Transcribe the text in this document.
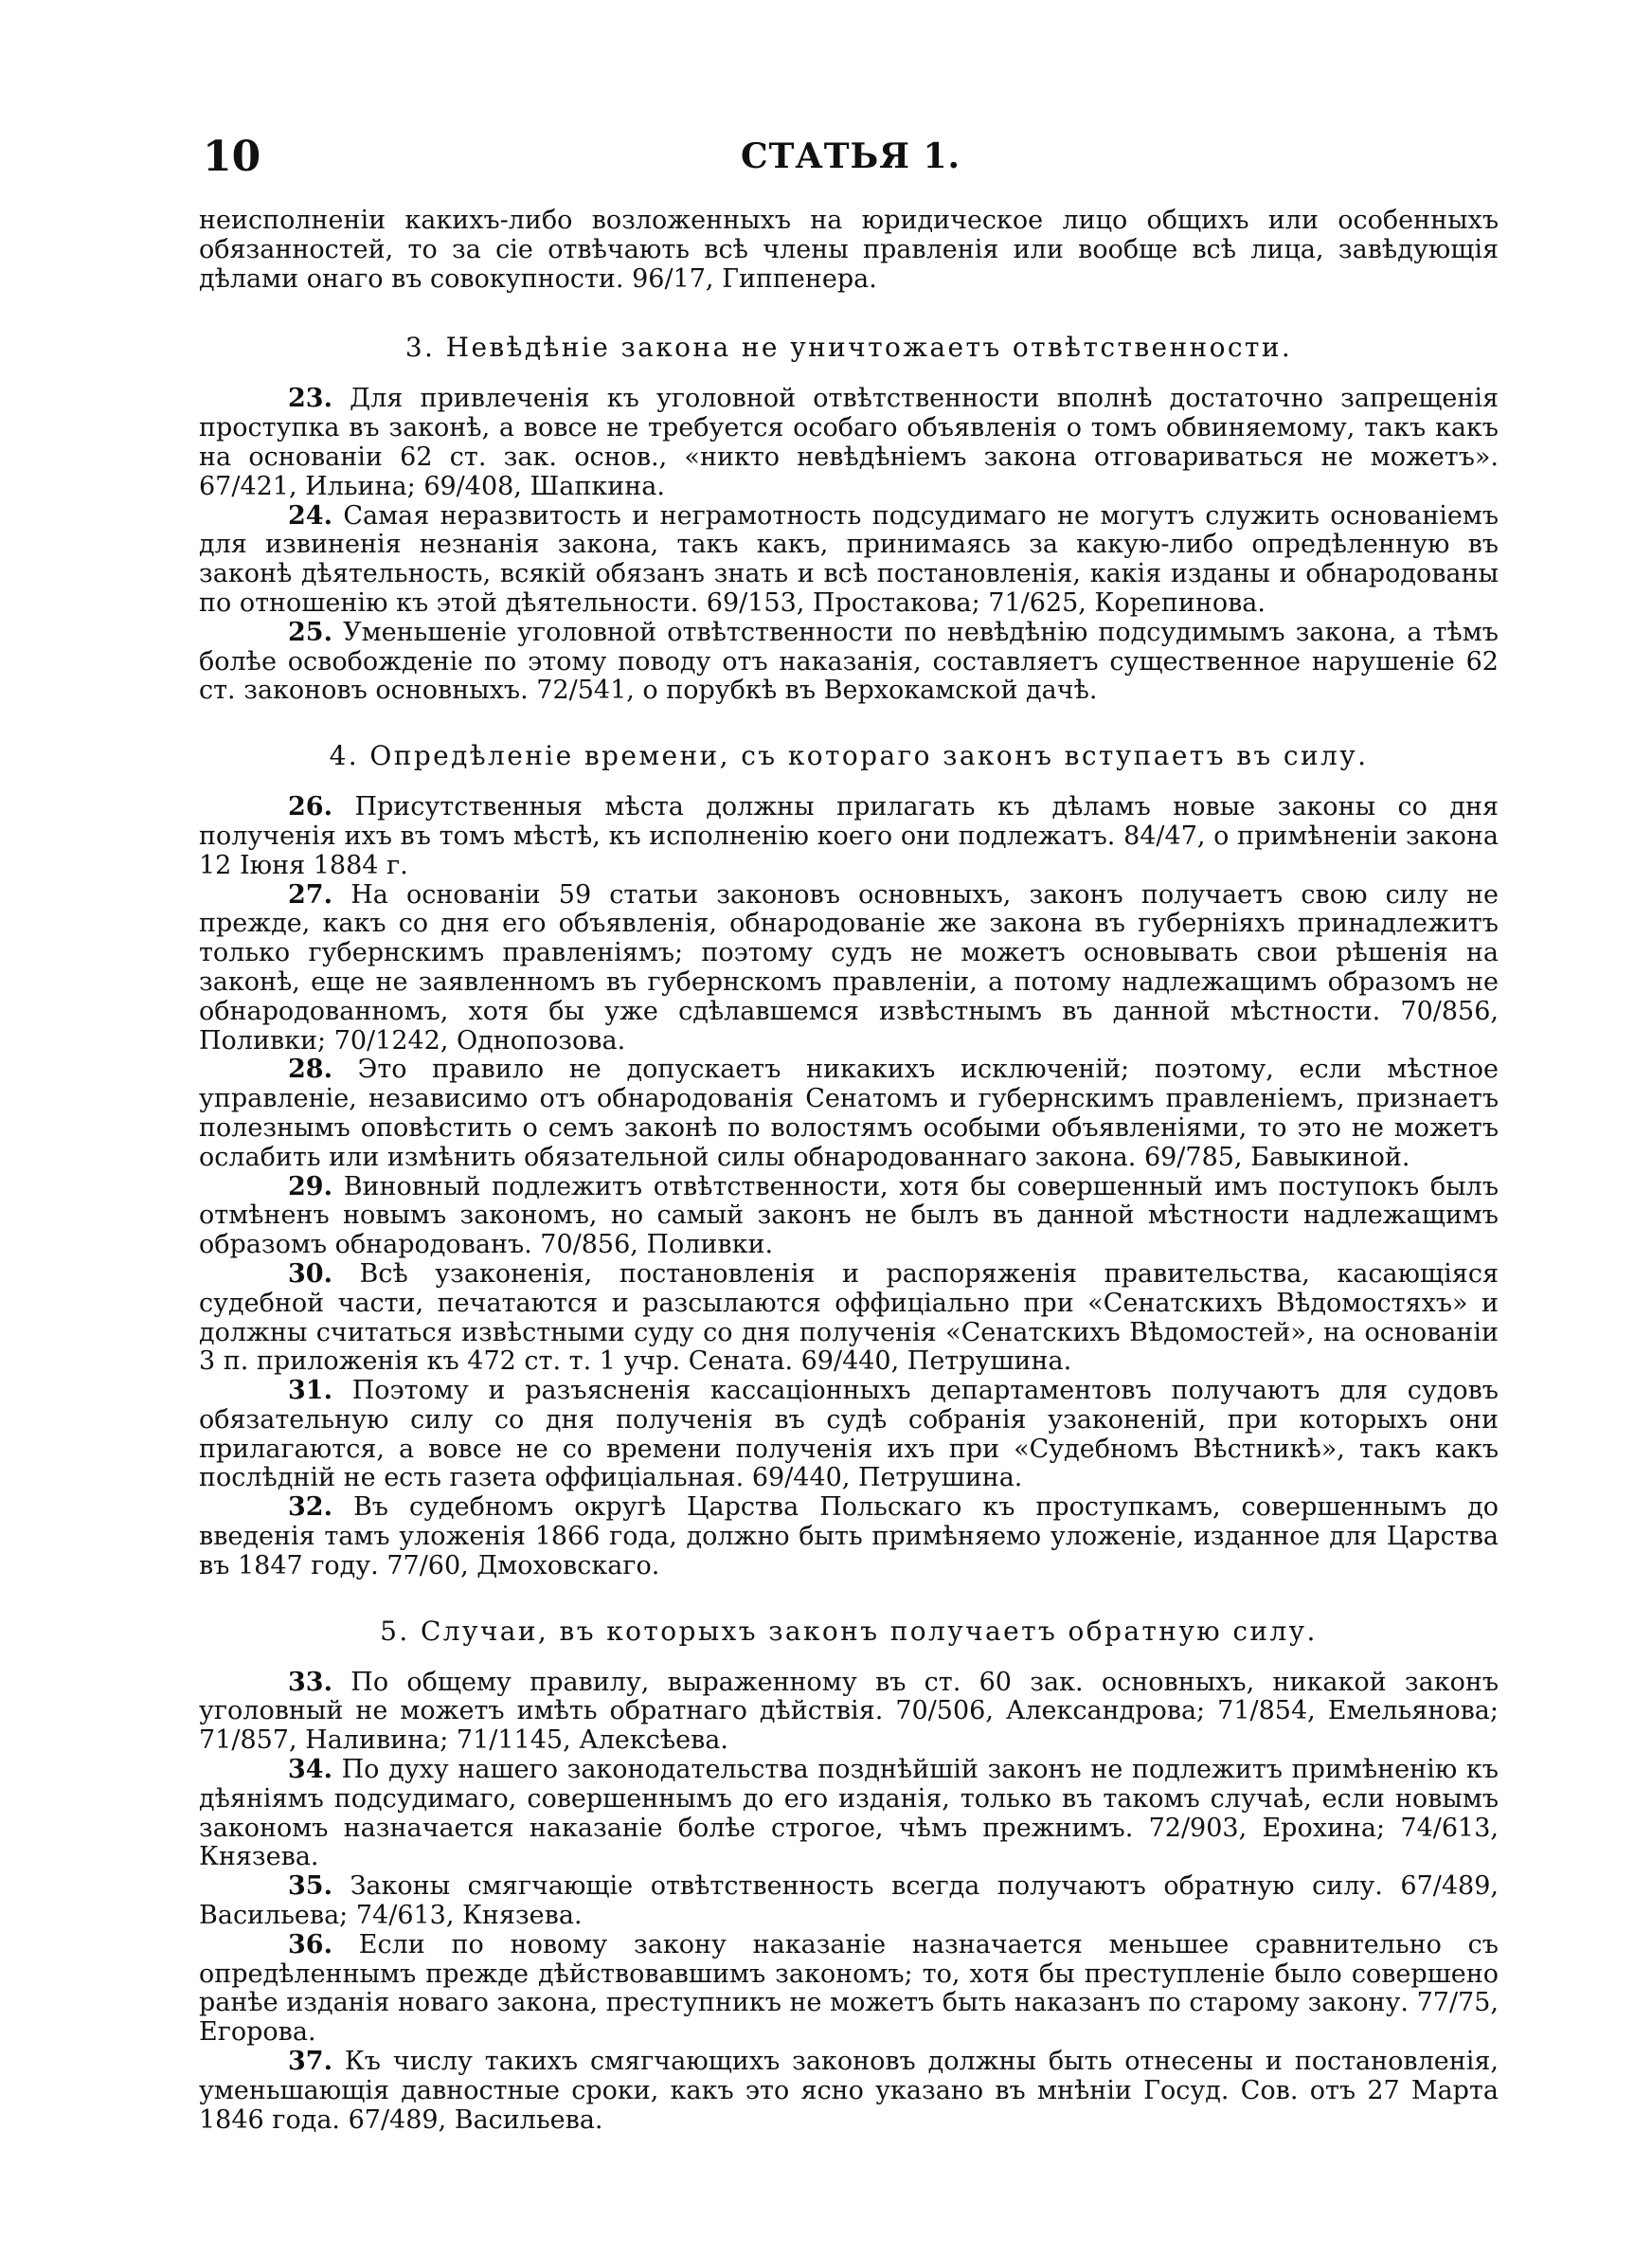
10	СТАТЬЯ 1.

неисполненіи какихъ-либо возложенныхъ на юридическое лицо общихъ или особенныхъ обязанностей, то за сіе отвѣчають всѣ члены правленія или вообще всѣ лица, завѣдующія дѣлами онаго въ совокупности. 96/17, Гиппенера.

3. Невѣдѣніе закона не уничтожаетъ отвѣтственности.

23. Для привлеченія къ уголовной отвѣтственности вполнѣ достаточно запрещенія проступка въ законѣ, а вовсе не требуется особаго объявленія о томъ обвиняемому, такъ какъ на основаніи 62 ст. зак. основ., «никто невѣдѣніемъ закона отговариваться не можетъ». 67/421, Ильина; 69/408, Шапкина.

24. Самая неразвитость и неграмотность подсудимаго не могутъ служить основаніемъ для извиненія незнанія закона, такъ какъ, принимаясь за какую-либо опредѣленную въ законѣ дѣятельность, всякій обязанъ знать и всѣ постановленія, какія изданы и обнародованы по отношенію къ этой дѣятельности. 69/153, Простакова; 71/625, Корепинова.

25. Уменьшеніе уголовной отвѣтственности по невѣдѣнію подсудимымъ закона, а тѣмъ болѣе освобожденіе по этому поводу отъ наказанія, составляетъ существенное нарушеніе 62 ст. законовъ основныхъ. 72/541, о порубкѣ въ Верхокамской дачѣ.

4. Опредѣленіе времени, съ котораго законъ вступаетъ въ силу.

26. Присутственныя мѣста должны прилагать къ дѣламъ новые законы со дня полученія ихъ въ томъ мѣстѣ, къ исполненію коего они подлежатъ. 84/47, о примѣненіи закона 12 Іюня 1884 г.

27. На основаніи 59 статьи законовъ основныхъ, законъ получаетъ свою силу не прежде, какъ со дня его объявленія, обнародованіе же закона въ губерніяхъ принадлежитъ только губернскимъ правленіямъ; поэтому судъ не можетъ основывать свои рѣшенія на законѣ, еще не заявленномъ въ губернскомъ правленіи, а потому надлежащимъ образомъ не обнародованномъ, хотя бы уже сдѣлавшемся извѣстнымъ въ данной мѣстности. 70/856, Поливки; 70/1242, Однопозова.

28. Это правило не допускаетъ никакихъ исключеній; поэтому, если мѣстное управленіе, независимо отъ обнародованія Сенатомъ и губернскимъ правленіемъ, признаетъ полезнымъ оповѣстить о семъ законѣ по волостямъ особыми объявленіями, то это не можетъ ослабить или измѣнить обязательной силы обнародованнаго закона. 69/785, Бавыкиной.

29. Виновный подлежитъ отвѣтственности, хотя бы совершенный имъ поступокъ былъ отмѣненъ новымъ закономъ, но самый законъ не былъ въ данной мѣстности надлежащимъ образомъ обнародованъ. 70/856, Поливки.

30. Всѣ узаконенія, постановленія и распоряженія правительства, касающіяся судебной части, печатаются и разсылаются оффиціально при «Сенатскихъ Вѣдомостяхъ» и должны считаться извѣстными суду со дня полученія «Сенатскихъ Вѣдомостей», на основаніи 3 п. приложенія къ 472 ст. т. 1 учр. Сената. 69/440, Петрушина.

31. Поэтому и разъясненія кассаціонныхъ департаментовъ получаютъ для судовъ обязательную силу со дня полученія въ судѣ собранія узаконеній, при которыхъ они прилагаются, а вовсе не со времени полученія ихъ при «Судебномъ Вѣстникѣ», такъ какъ послѣдній не есть газета оффиціальная. 69/440, Петрушина.

32. Въ судебномъ округѣ Царства Польскаго къ проступкамъ, совершеннымъ до введенія тамъ уложенія 1866 года, должно быть примѣняемо уложеніе, изданное для Царства въ 1847 году. 77/60, Дмоховскаго.

5. Случаи, въ которыхъ законъ получаетъ обратную силу.

33. По общему правилу, выраженному въ ст. 60 зак. основныхъ, никакой законъ уголовный не можетъ имѣть обратнаго дѣйствія. 70/506, Александрова; 71/854, Емельянова; 71/857, Наливина; 71/1145, Алексѣева.

34. По духу нашего законодательства позднѣйшій законъ не подлежитъ примѣненію къ дѣяніямъ подсудимаго, совершеннымъ до его изданія, только въ такомъ случаѣ, если новымъ закономъ назначается наказаніе болѣе строгое, чѣмъ прежнимъ. 72/903, Ерохина; 74/613, Князева.

35. Законы смягчающіе отвѣтственность всегда получаютъ обратную силу. 67/489, Васильева; 74/613, Князева.

36. Если по новому закону наказаніе назначается меньшее сравнительно съ опредѣленнымъ прежде дѣйствовавшимъ закономъ; то, хотя бы преступленіе было совершено ранѣе изданія новаго закона, преступникъ не можетъ быть наказанъ по старому закону. 77/75, Егорова.

37. Къ числу такихъ смягчающихъ законовъ должны быть отнесены и постановленія, уменьшающія давностные сроки, какъ это ясно указано въ мнѣніи Госуд. Сов. отъ 27 Марта 1846 года. 67/489, Васильева.
